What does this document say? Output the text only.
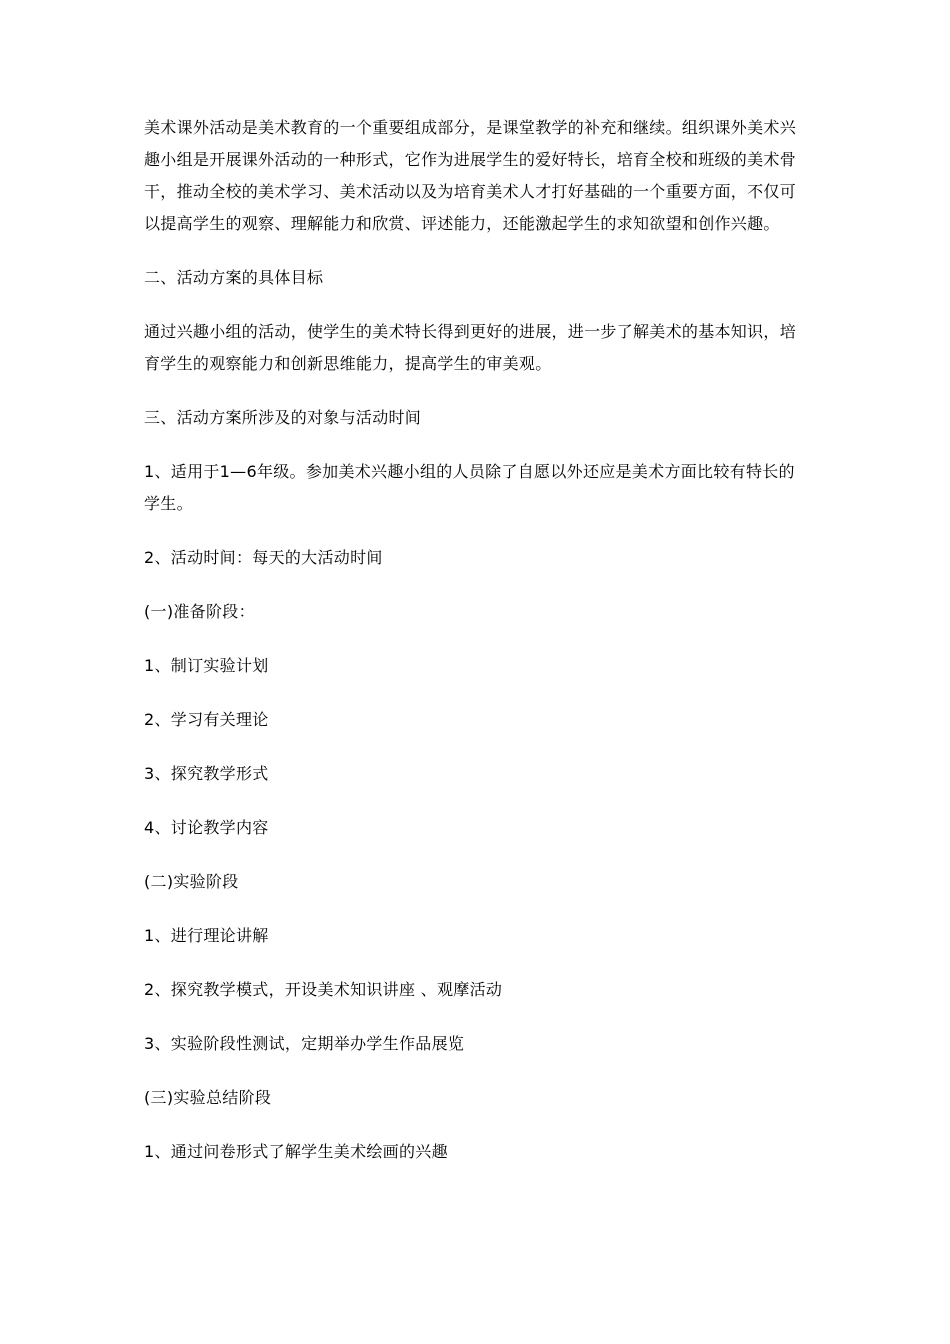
美术课外活动是美术教育的一个重要组成部分，是课堂教学的补充和继续。组织课外美术兴趣小组是开展课外活动的一种形式，它作为进展学生的爱好特长，培育全校和班级的美术骨干，推动全校的美术学习、美术活动以及为培育美术人才打好基础的一个重要方面，不仅可以提高学生的观察、理解能力和欣赏、评述能力，还能激起学生的求知欲望和创作兴趣。

二、活动方案的具体目标

通过兴趣小组的活动，使学生的美术特长得到更好的进展，进一步了解美术的基本知识，培育学生的观察能力和创新思维能力，提高学生的审美观。

三、活动方案所涉及的对象与活动时间

1、适用于1—6年级。参加美术兴趣小组的人员除了自愿以外还应是美术方面比较有特长的学生。

2、活动时间：每天的大活动时间

(一)准备阶段：

1、制订实验计划

2、学习有关理论

3、探究教学形式

4、讨论教学内容

(二)实验阶段

1、进行理论讲解

2、探究教学模式，开设美术知识讲座 、观摩活动

3、实验阶段性测试，定期举办学生作品展览

(三)实验总结阶段

1、通过问卷形式了解学生美术绘画的兴趣
